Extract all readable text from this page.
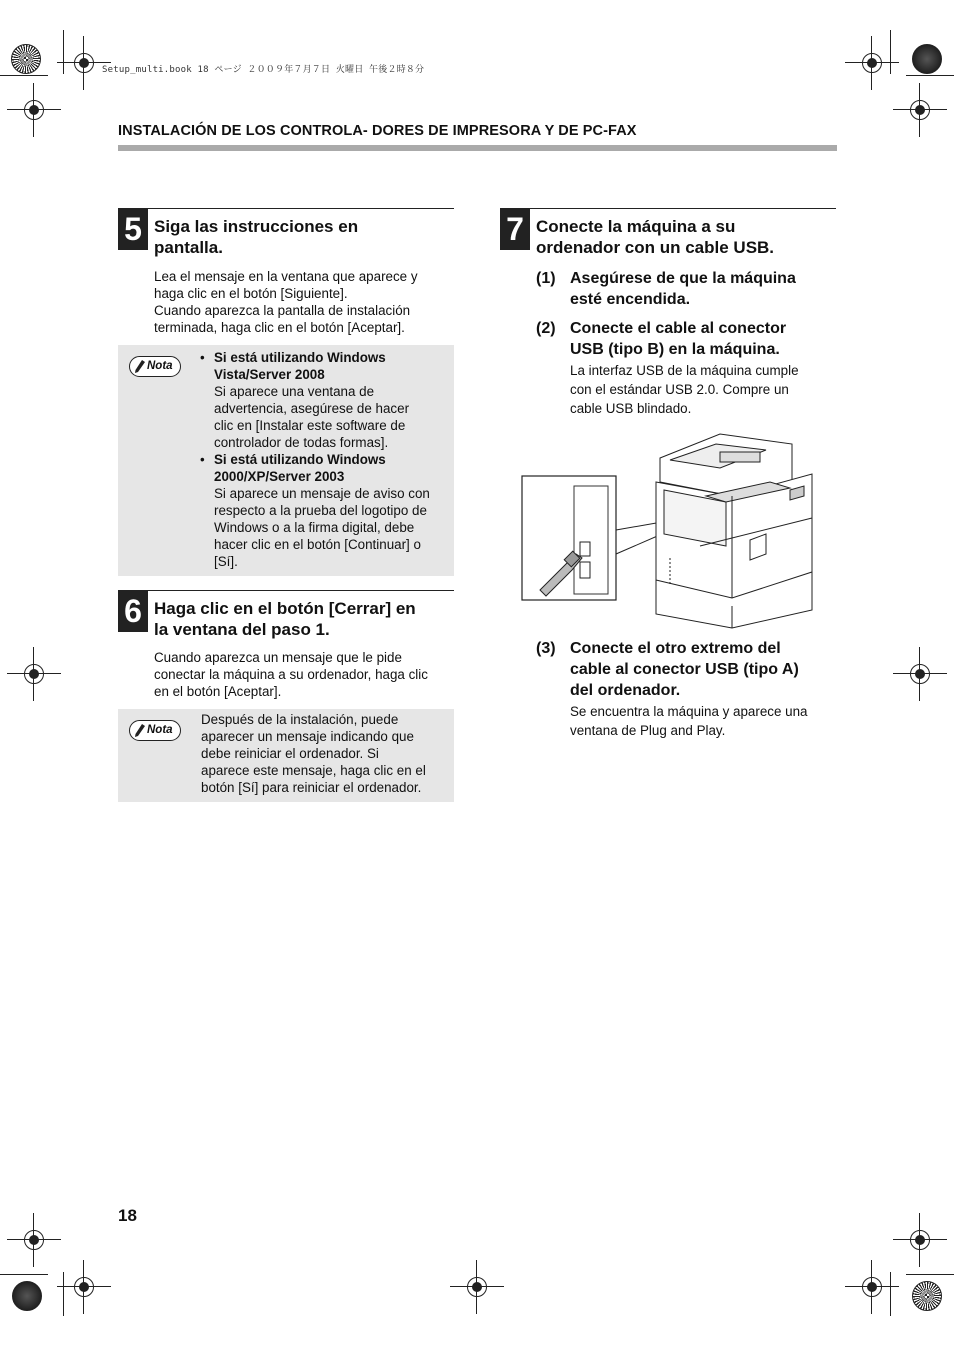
Setup_multi.book 18 ページ ２００９年７月７日 火曜日 午後２時８分
INSTALACIÓN DE LOS CONTROLA- DORES DE IMPRESORA Y DE PC-FAX
5 Siga las instrucciones en
pantalla.
Lea el mensaje en la ventana que aparece y
haga clic en el botón [Siguiente].
Cuando aparezca la pantalla de instalación
terminada, haga clic en el botón [Aceptar].
Nota
• Si está utilizando Windows
Vista/Server 2008
Si aparece una ventana de
advertencia, asegúrese de hacer
clic en [Instalar este software de
controlador de todas formas].
• Si está utilizando Windows
2000/XP/Server 2003
Si aparece un mensaje de aviso con
respecto a la prueba del logotipo de
Windows o a la firma digital, debe
hacer clic en el botón [Continuar] o
[Sí].
6 Haga clic en el botón [Cerrar] en
la ventana del paso 1.
Cuando aparezca un mensaje que le pide
conectar la máquina a su ordenador, haga clic
en el botón [Aceptar].
Nota
Después de la instalación, puede
aparecer un mensaje indicando que
debe reiniciar el ordenador. Si
aparece este mensaje, haga clic en el
botón [Sí] para reiniciar el ordenador.
7 Conecte la máquina a su
ordenador con un cable USB.
(1) Asegúrese de que la máquina
esté encendida.
(2) Conecte el cable al conector
USB (tipo B) en la máquina.
La interfaz USB de la máquina cumple
con el estándar USB 2.0. Compre un
cable USB blindado.
(3) Conecte el otro extremo del
cable al conector USB (tipo A)
del ordenador.
Se encuentra la máquina y aparece una
ventana de Plug and Play.
18
